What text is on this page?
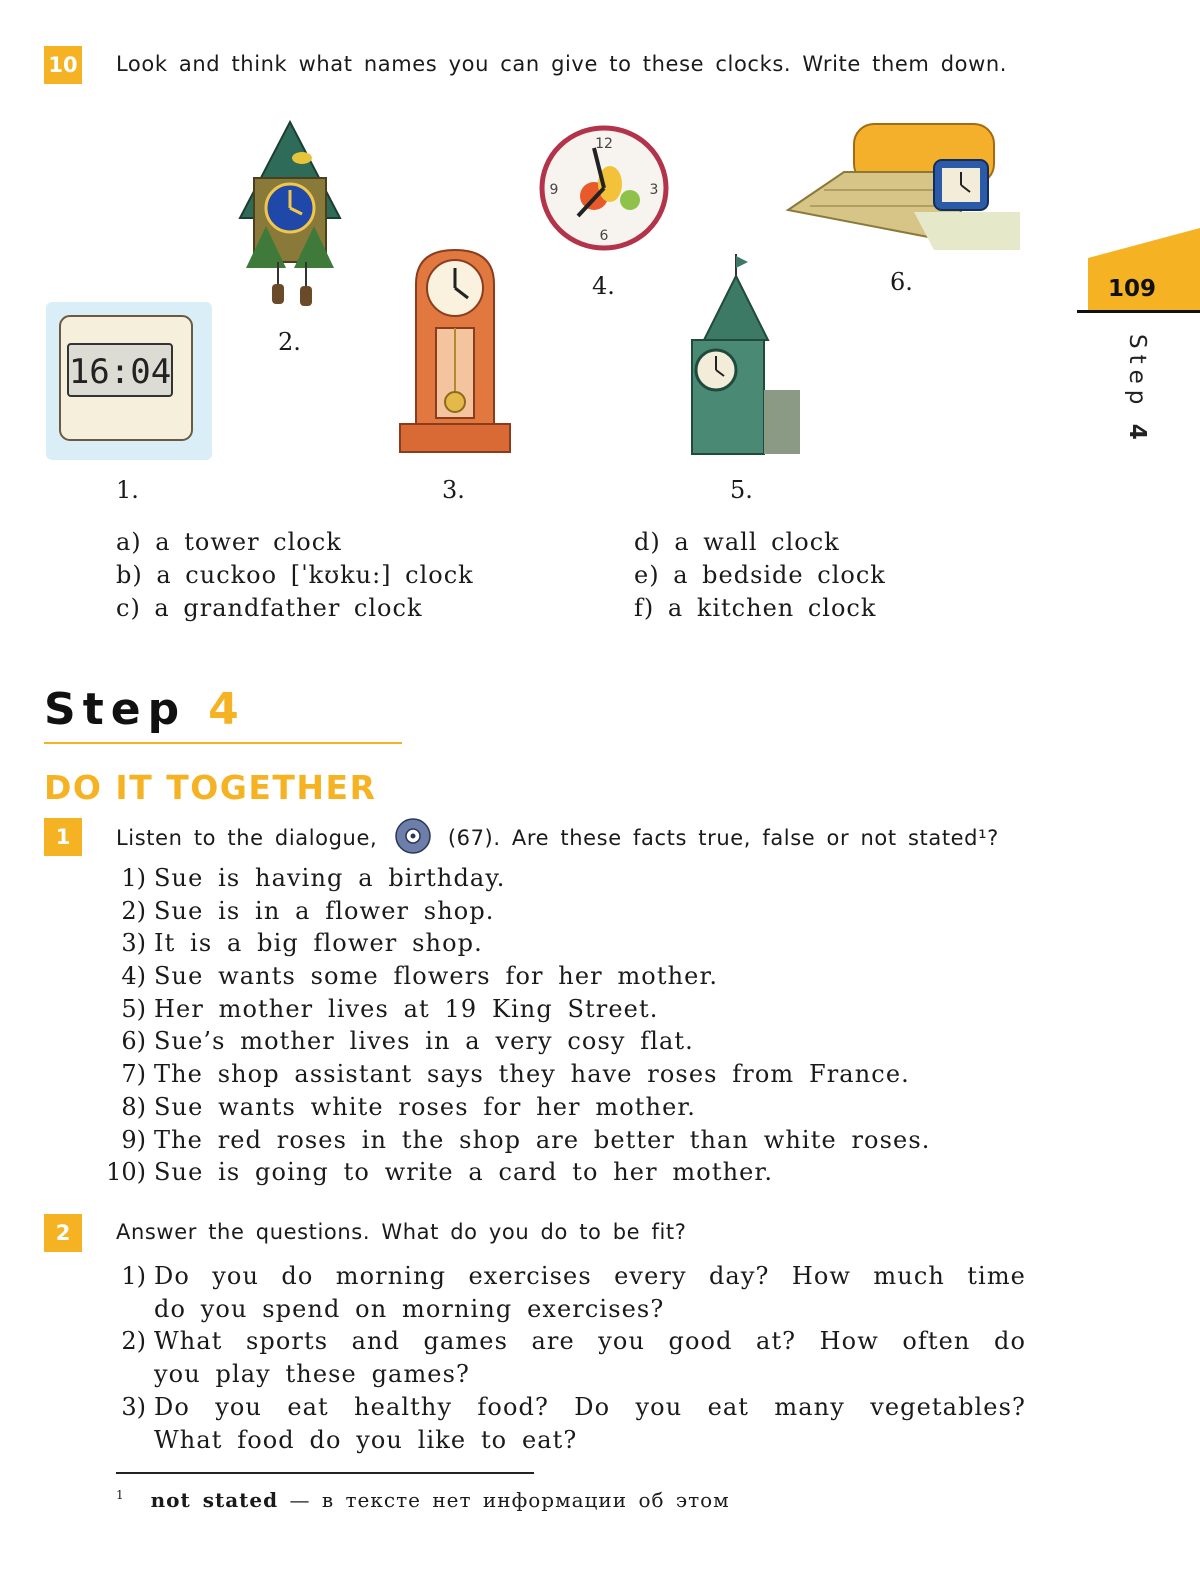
10 Look and think what names you can give to these clocks. Write them down.
16:04
12
3
6
9
1.
2.
3.
4.
5.
6.
a) a tower clock
b) a cuckoo [ˈkʊku:] clock
c) a grandfather clock
d) a wall clock
e) a bedside clock
f) a kitchen clock
109
Step 4
Step 4
DO IT TOGETHER
1	Listen to the dialogue,	(67). Are these facts true, false or not stated¹?
1) Sue is having a birthday.
2) Sue is in a flower shop.
3) It is a big flower shop.
4) Sue wants some flowers for her mother.
5) Her mother lives at 19 King Street.
6) Sue’s mother lives in a very cosy flat.
7) The shop assistant says they have roses from France.
8) Sue wants white roses for her mother.
9) The red roses in the shop are better than white roses.
10) Sue is going to write a card to her mother.
2	Answer the questions. What do you do to be fit?
1) Do you do morning exercises every day? How much time
do you spend on morning exercises?
2) What sports and games are you good at? How often do
you play these games?
3) Do you eat healthy food? Do you eat many vegetables?
What food do you like to eat?
$^1$ not stated — в тексте нет информации об этом
